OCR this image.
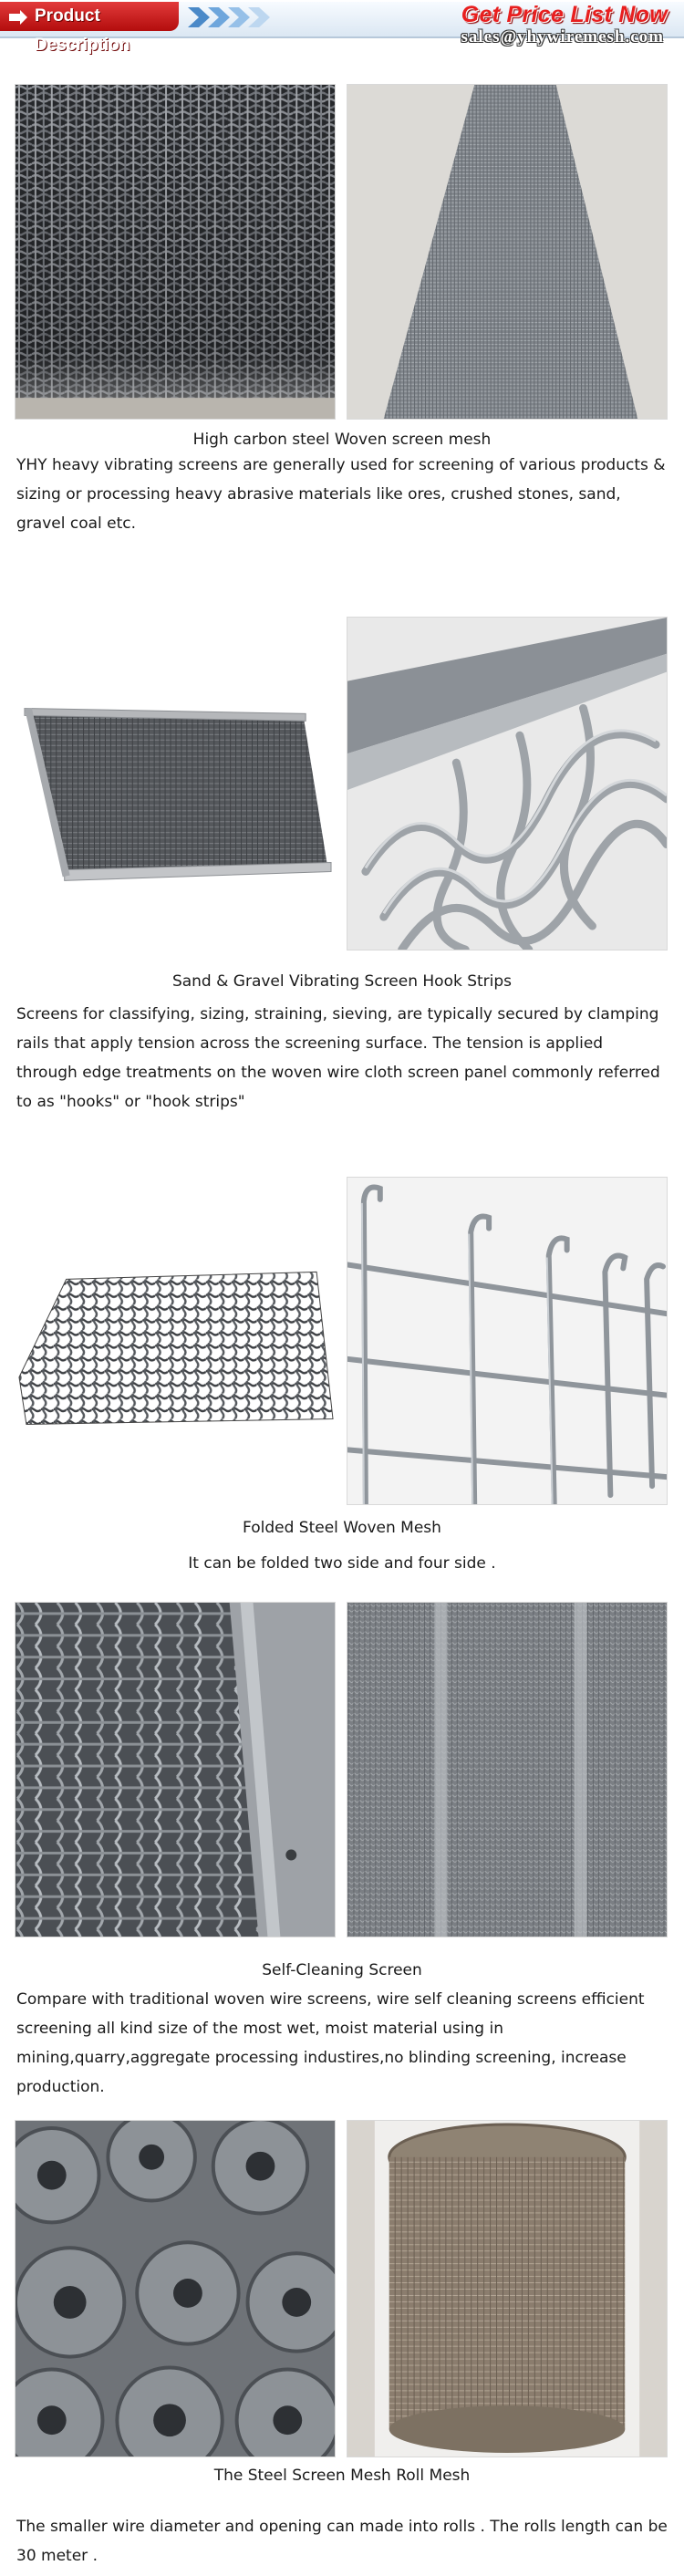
Product Description
Get Price List Now
sales@yhywiremesh.com
High carbon steel Woven screen mesh
YHY heavy vibrating screens are generally used for screening of various products & sizing or processing heavy abrasive materials like ores, crushed stones, sand, gravel coal etc.
Sand & Gravel Vibrating Screen Hook Strips
Screens for classifying, sizing, straining, sieving, are typically secured by clamping rails that apply tension across the screening surface. The tension is applied through edge treatments on the woven wire cloth screen panel commonly referred to as "hooks" or "hook strips"
Folded Steel Woven Mesh
It can be folded two side and four side .
Self-Cleaning Screen
Compare with traditional woven wire screens, wire self cleaning screens efficient screening all kind size of the most wet, moist material using in mining,quarry,aggregate processing industires,no blinding screening, increase production.
The Steel Screen Mesh Roll Mesh
The smaller wire diameter and opening can made into rolls . The rolls length can be 30 meter .
